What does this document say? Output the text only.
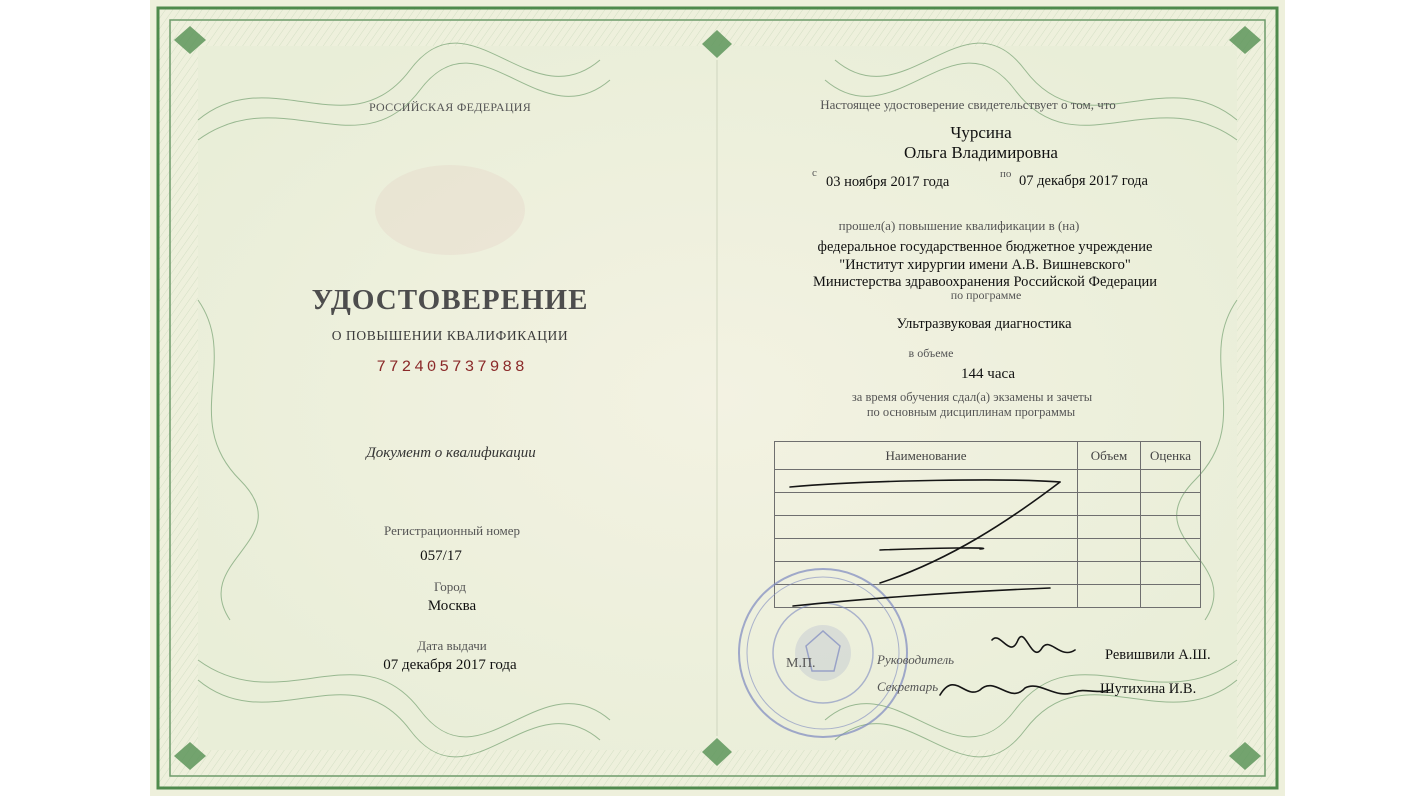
РОССИЙСКАЯ ФЕДЕРАЦИЯ
УДОСТОВЕРЕНИЕ
О ПОВЫШЕНИИ КВАЛИФИКАЦИИ
772405737988
Документ о квалификации
Регистрационный номер
057/17
Город
Москва
Дата выдачи
07 декабря 2017 года
Настоящее удостоверение свидетельствует о том, что
Чурсина
Ольга Владимировна
с
03 ноября 2017 года	по 07 декабря 2017 года
прошел(а) повышение квалификации в (на)
федеральное государственное бюджетное учреждение
"Институт хирургии имени А.В. Вишневского"
Министерства здравоохранения Российской Федерации
по программе
Ультразвуковая диагностика
в объеме
144 часа
за время обучения сдал(а) экзамены и зачеты
по основным дисциплинам программы
Наименование	Объем	Оценка

М.П.	Руководитель	Ревишвили А.Ш.
Секретарь	Шутихина И.В.
